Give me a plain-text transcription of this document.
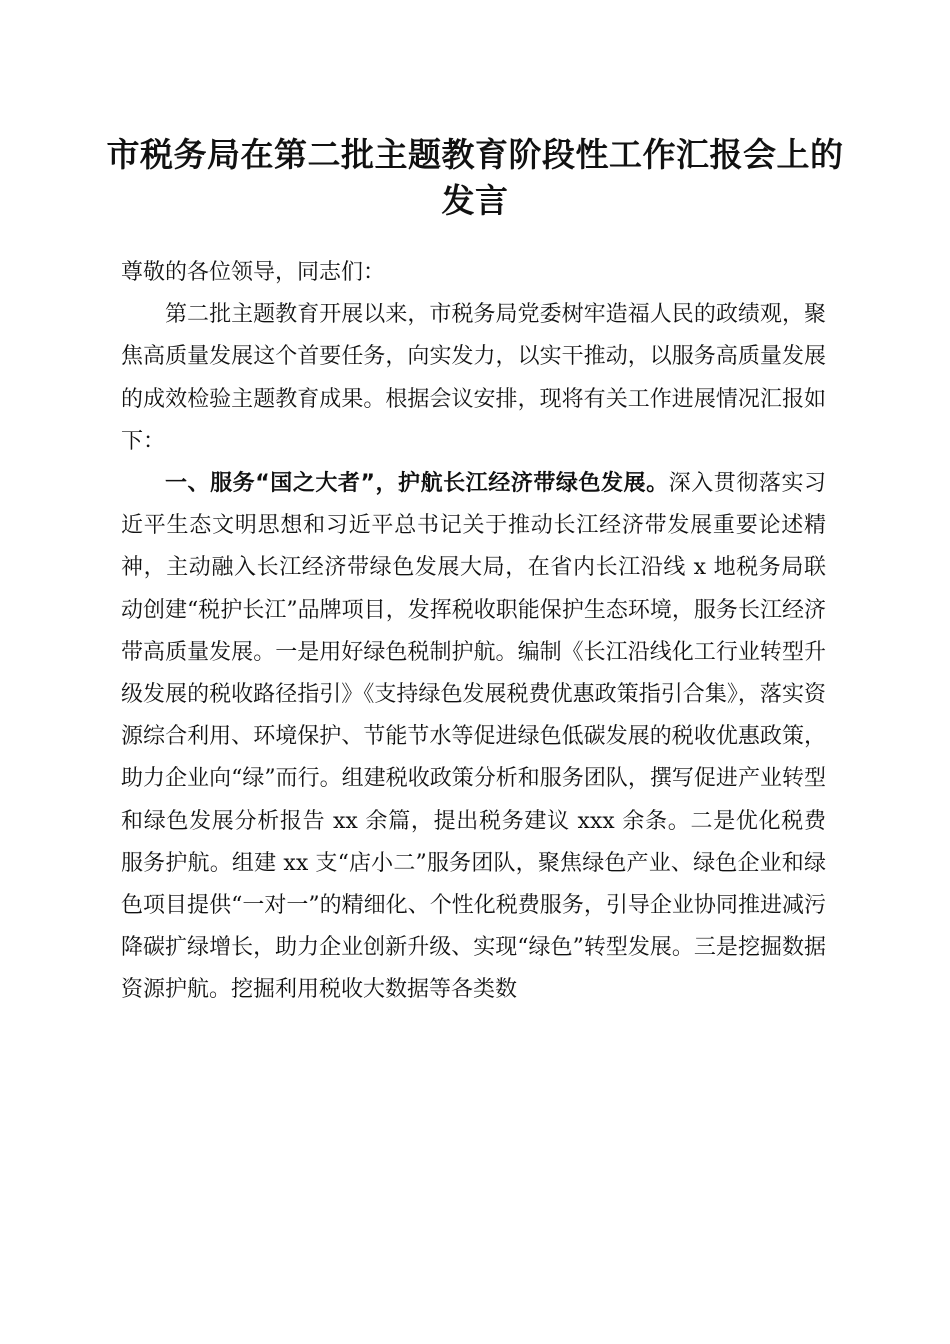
市税务局在第二批主题教育阶段性工作汇报会上的发言

尊敬的各位领导，同志们：

第二批主题教育开展以来，市税务局党委树牢造福人民的政绩观，聚焦高质量发展这个首要任务，向实发力，以实干推动，以服务高质量发展的成效检验主题教育成果。根据会议安排，现将有关工作进展情况汇报如下：

一、服务“国之大者”，护航长江经济带绿色发展。深入贯彻落实习近平生态文明思想和习近平总书记关于推动长江经济带发展重要论述精神，主动融入长江经济带绿色发展大局，在省内长江沿线 x 地税务局联动创建“税护长江”品牌项目，发挥税收职能保护生态环境，服务长江经济带高质量发展。一是用好绿色税制护航。编制《长江沿线化工行业转型升级发展的税收路径指引》《支持绿色发展税费优惠政策指引合集》，落实资源综合利用、环境保护、节能节水等促进绿色低碳发展的税收优惠政策，助力企业向“绿”而行。组建税收政策分析和服务团队，撰写促进产业转型和绿色发展分析报告 xx 余篇，提出税务建议 xxx 余条。二是优化税费服务护航。组建 xx 支“店小二”服务团队，聚焦绿色产业、绿色企业和绿色项目提供“一对一”的精细化、个性化税费服务，引导企业协同推进减污降碳扩绿增长，助力企业创新升级、实现“绿色”转型发展。三是挖掘数据资源护航。挖掘利用税收大数据等各类数
